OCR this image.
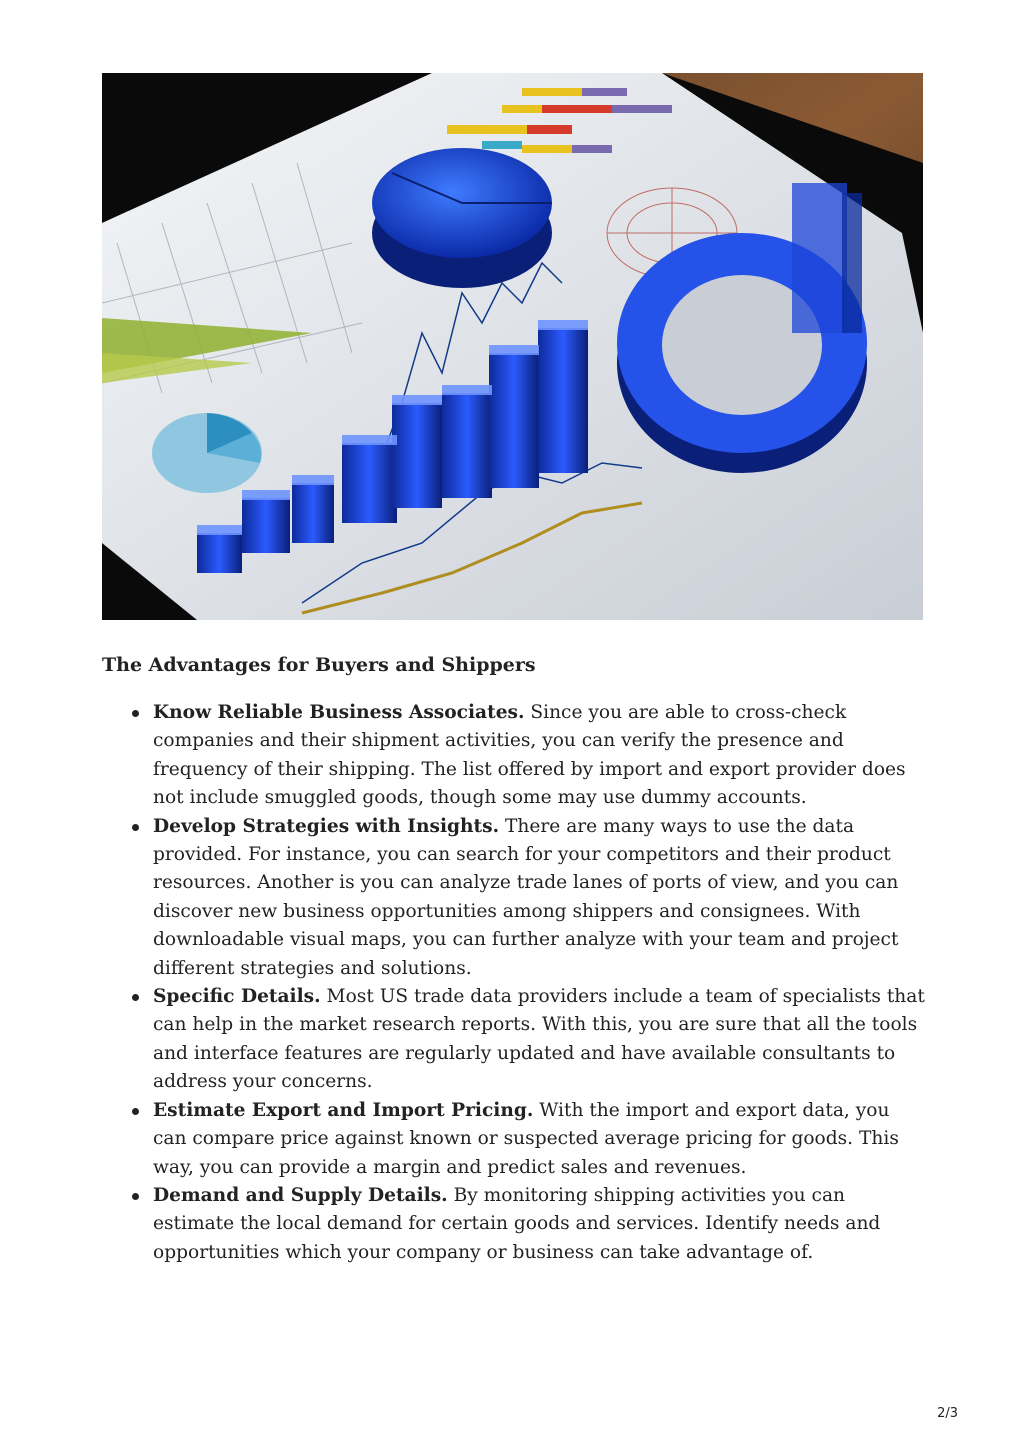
The Advantages for Buyers and Shippers
Know Reliable Business Associates. Since you are able to cross-check companies and their shipment activities, you can verify the presence and frequency of their shipping. The list offered by import and export provider does not include smuggled goods, though some may use dummy accounts.
Develop Strategies with Insights. There are many ways to use the data provided. For instance, you can search for your competitors and their product resources. Another is you can analyze trade lanes of ports of view, and you can discover new business opportunities among shippers and consignees. With downloadable visual maps, you can further analyze with your team and project different strategies and solutions.
Specific Details. Most US trade data providers include a team of specialists that can help in the market research reports. With this, you are sure that all the tools and interface features are regularly updated and have available consultants to address your concerns.
Estimate Export and Import Pricing. With the import and export data, you can compare price against known or suspected average pricing for goods. This way, you can provide a margin and predict sales and revenues.
Demand and Supply Details. By monitoring shipping activities you can estimate the local demand for certain goods and services. Identify needs and opportunities which your company or business can take advantage of.
2/3
